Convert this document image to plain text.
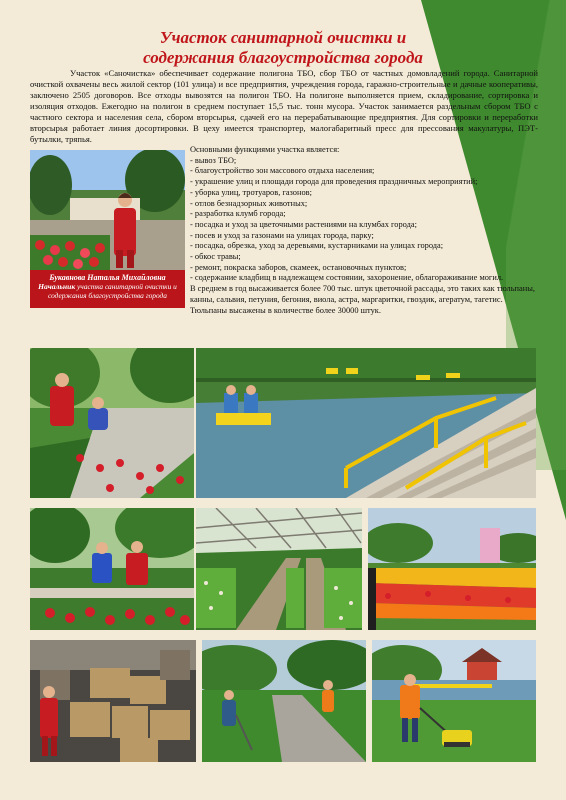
Участок санитарной очистки и
содержания благоустройства города

Участок «Саночистка» обеспечивает содержание полигона ТБО, сбор ТБО от частных домовладений города. Санитарной очисткой охвачены весь жилой сектор (101 улица) и все предприятия, учреждения города, гаражно-строительные и дачные кооперативы, заключено 2505 договоров. Все отходы вывозятся на полигон ТБО. На полигоне выполняется прием, складирование, сортировка и изоляция отходов. Ежегодно на полигон в среднем поступает 15,5 тыс. тонн мусора. Участок занимается раздельным сбором ТБО с частного сектора и населения села, сбором вторсырья, сдачей его на перерабатывающие предприятия. Для сортировки и переработки вторсырья работает линия досортировки. В цеху имеется транспортер, малогабаритный пресс для прессования макулатуры, ПЭТ-бутылки, тряпья.

Букавнова Наталья Михайловна
Начальник участка санитарной очистки и содержания благоустройства города

Основными функциями участка является:

- вывоз ТБО;
- благоустройство зон массового отдыха населения;
- украшение улиц и площади города для проведения праздничных мероприятий;
- уборка улиц, тротуаров, газонов;
- отлов безнадзорных животных;
- разработка клумб города;
- посадка и уход за цветочными растениями на клумбах города;
- посев и уход за газонами на улицах города, парку;
- посадка, обрезка, уход за деревьями, кустарниками на улицах города;
- обкос травы;
- ремонт, покраска заборов, скамеек, остановочных пунктов;
- содержание кладбищ в надлежащем состоянии, захоронение, облагораживание могил.

В среднем в год высаживается более 700 тыс. штук цветочной рассады, это таких как тюльпаны, канны, сальвия, петуния, бегония, виола, астра, маргаритки, гвоздик, агератум, тагетис. Тюльпаны высажены в количестве более 30000 штук.
